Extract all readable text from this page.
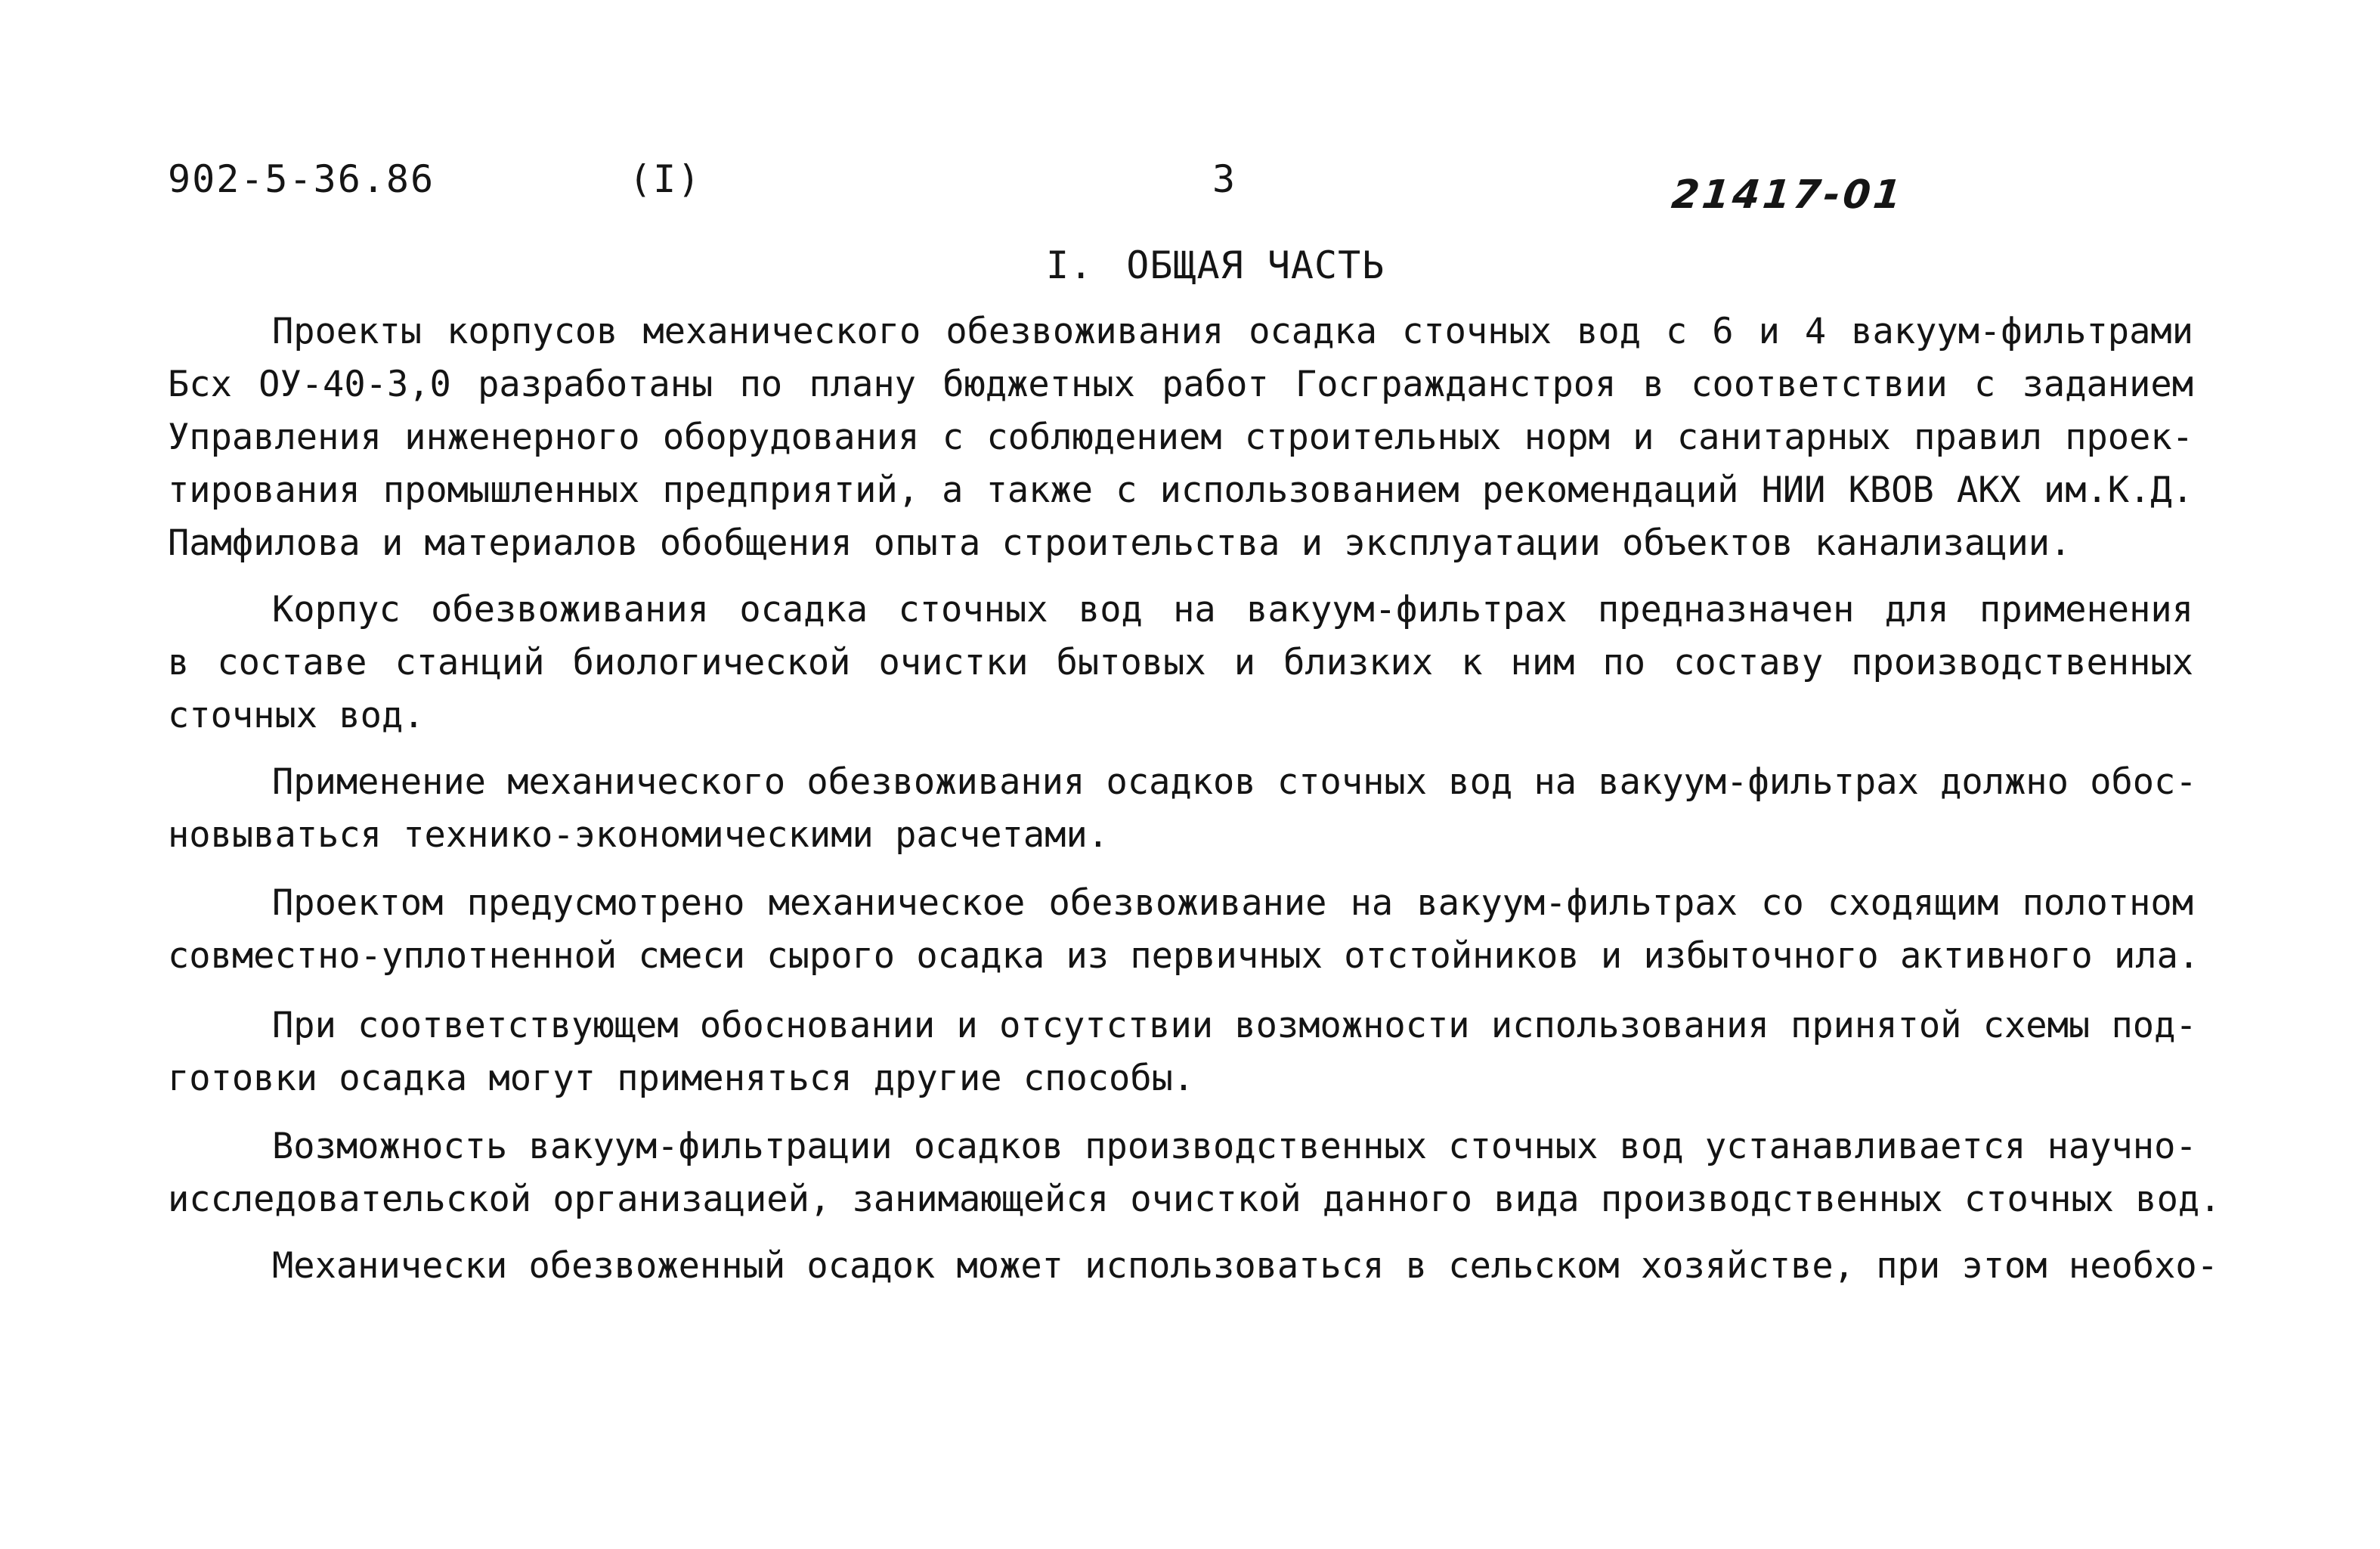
902-5-36.86	(I)	3	21417-01
I. ОБЩАЯ ЧАСТЬ
Проекты корпусов механического обезвоживания осадка сточных вод с 6 и 4 вакуум-фильтрами
Бсх ОУ-40-3,0 разработаны по плану бюджетных работ Госгражданстроя в соответствии с заданием
Управления инженерного оборудования с соблюдением строительных норм и санитарных правил проек-
тирования промышленных предприятий, а также с использованием рекомендаций НИИ КВОВ АКХ им.К.Д.
Памфилова и материалов обобщения опыта строительства и эксплуатации объектов канализации.
Корпус обезвоживания осадка сточных вод на вакуум-фильтрах предназначен для применения
в составе станций биологической очистки бытовых и близких к ним по составу производственных
сточных вод.
Применение механического обезвоживания осадков сточных вод на вакуум-фильтрах должно обос-
новываться технико-экономическими расчетами.
Проектом предусмотрено механическое обезвоживание на вакуум-фильтрах со сходящим полотном
совместно-уплотненной смеси сырого осадка из первичных отстойников и избыточного активного ила.
При соответствующем обосновании и отсутствии возможности использования принятой схемы под-
готовки осадка могут применяться другие способы.
Возможность вакуум-фильтрации осадков производственных сточных вод устанавливается научно-
исследовательской организацией, занимающейся очисткой данного вида производственных сточных вод.
Механически обезвоженный осадок может использоваться в сельском хозяйстве, при этом необхо-
